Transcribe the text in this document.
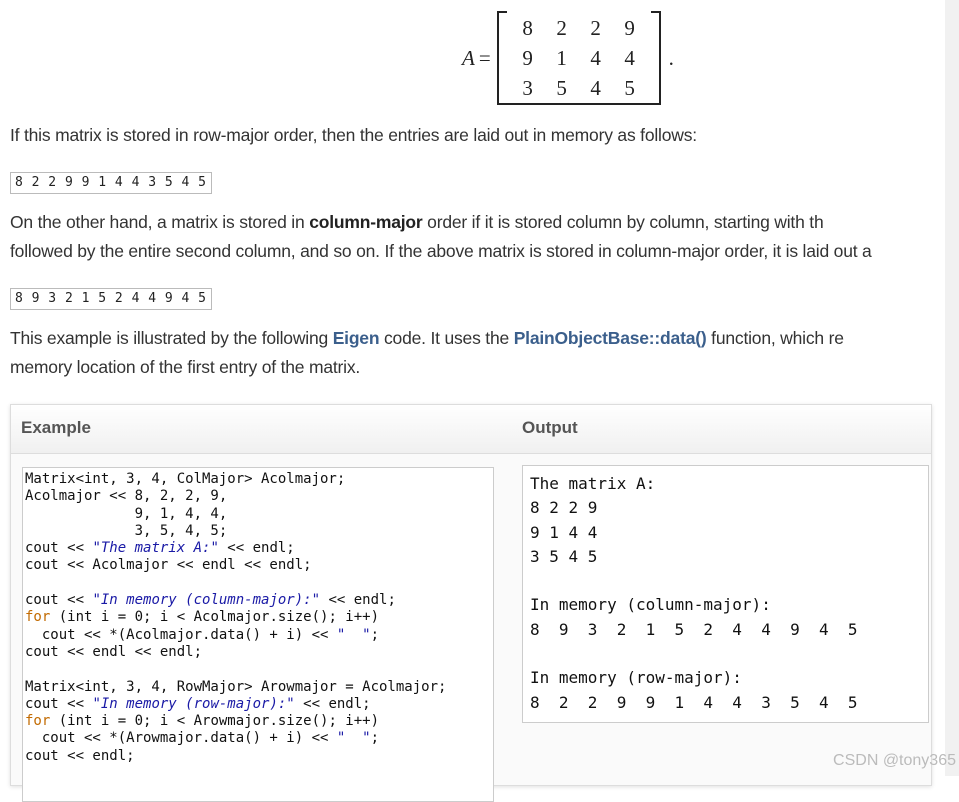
A =
8	2	2	9
9	1	4	4
3	5	4	5
.
If this matrix is stored in row-major order, then the entries are laid out in memory as follows:
8 2 2 9 9 1 4 4 3 5 4 5
On the other hand, a matrix is stored in column-major order if it is stored column by column, starting with th
followed by the entire second column, and so on. If the above matrix is stored in column-major order, it is laid out a
8 9 3 2 1 5 2 4 4 9 4 5
This example is illustrated by the following Eigen code. It uses the PlainObjectBase::data() function, which re
memory location of the first entry of the matrix.
Example	Output
Matrix<int, 3, 4, ColMajor> Acolmajor;
Acolmajor << 8, 2, 2, 9,
9, 1, 4, 4,
3, 5, 4, 5;
cout << "The matrix A:" << endl;
cout << Acolmajor << endl << endl;
cout << "In memory (column-major):" << endl;
for (int i = 0; i < Acolmajor.size(); i++)
cout << *(Acolmajor.data() + i) << "  ";
cout << endl << endl;
Matrix<int, 3, 4, RowMajor> Arowmajor = Acolmajor;
cout << "In memory (row-major):" << endl;
for (int i = 0; i < Arowmajor.size(); i++)
cout << *(Arowmajor.data() + i) << "  ";
cout << endl;
The matrix A:
8 2 2 9
9 1 4 4
3 5 4 5
In memory (column-major):
8  9  3  2  1  5  2  4  4  9  4  5
In memory (row-major):
8  2  2  9  9  1  4  4  3  5  4  5
CSDN @tony365
